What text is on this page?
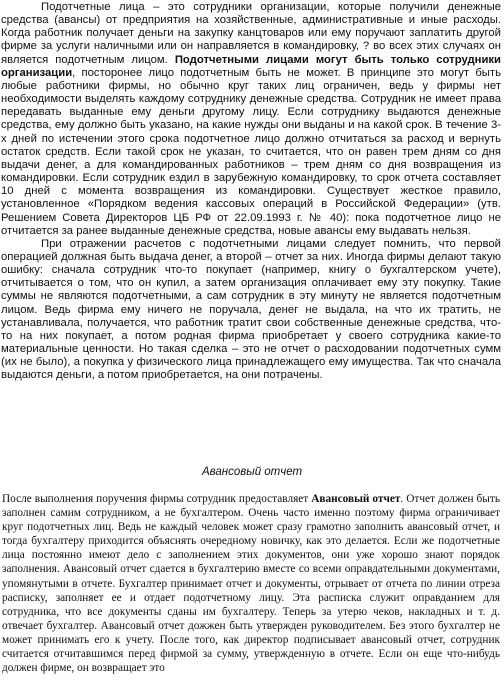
Подотчетные лица – это сотрудники организации, которые получили денежные средства (авансы) от предприятия на хозяйственные, административные и иные расходы. Когда работник получает деньги на закупку канцтоваров или ему поручают заплатить другой фирме за услуги наличными или он направляется в командировку, ? во всех этих случаях он является подотчетным лицом. Подотчетными лицами могут быть только сотрудники организации, посторонее лицо подотчетным быть не может. В принципе это могут быть любые работники фирмы, но обычно круг таких лиц ограничен, ведь у фирмы нет необходимости выделять каждому сотруднику денежные средства. Сотрудник не имеет права передавать выданные ему деньги другому лицу. Если сотруднику выдаются денежные средства, ему должно быть указано, на какие нужды они выданы и на какой срок. В течение 3-х дней по истечении этого срока подотчетное лицо должно отчитаться за расход и вернуть остаток средств. Если такой срок не указан, то считается, что он равен трем дням со дня выдачи денег, а для командированных работников – трем дням со дня возвращения из командировки. Если сотрудник ездил в зарубежную командировку, то срок отчета составляет 10 дней с момента возвращения из командировки. Существует жесткое правило, установленное «Порядком ведения кассовых операций в Российской Федерации» (утв. Решением Совета Директоров ЦБ РФ от 22.09.1993 г. № 40): пока подотчетное лицо не отчитается за ранее выданные денежные средства, новые авансы ему выдавать нельзя.

При отражении расчетов с подотчетными лицами следует помнить, что первой операцией должная быть выдача денег, а второй – отчет за них. Иногда фирмы делают такую ошибку: сначала сотрудник что-то покупает (например, книгу о бухгалтерском учете), отчитывается о том, что он купил, а затем организация оплачивает ему эту покупку. Такие суммы не являются подотчетными, а сам сотрудник в эту минуту не является подотчетным лицом. Ведь фирма ему ничего не поручала, денег не выдала, на что их тратить, не устанавливала, получается, что работник тратит свои собственные денежные средства, что-то на них покупает, а потом родная фирма приобретает у своего сотрудника какие-то материальные ценности. Но такая сделка – это не отчет о расходовании подотчетных сумм (их не было), а покупка у физического лица принадлежащего ему имущества. Так что сначала выдаются деньги, а потом приобретается, на они потрачены.

Авансовый отчет

После выполнения поручения фирмы сотрудник предоставляет Авансовый отчет. Отчет должен быть заполнен самим сотрудником, а не бухгалтером. Очень часто именно поэтому фирма ограничивает круг подотчетных лиц. Ведь не каждый человек может сразу грамотно заполнить авансовый отчет, и тогда бухгалтеру приходится объяснять очередному новичку, как это делается. Если же подотчетные лица постоянно имеют дело с заполнением этих документов, они уже хорошо знают порядок заполнения. Авансовый отчет сдается в бухгалтерию вместе со всеми оправдательными документами, упомянутыми в отчете. Бухгалтер принимает отчет и документы, отрывает от отчета по линии отреза расписку, заполняет ее и отдает подотчетному лицу. Эта расписка служит оправданием для сотрудника, что все документы сданы им бухгалтеру. Теперь за утерю чеков, накладных и т. д. отвечает бухгалтер. Авансовый отчет дожжен быть утвержден руководителем. Без этого бухгалтер не может принимать его к учету. После того, как директор подписывает авансовый отчет, сотрудник считается отчитавшимся перед фирмой за сумму, утвержденную в отчете. Если он еще что-нибудь должен фирме, он возвращает это
